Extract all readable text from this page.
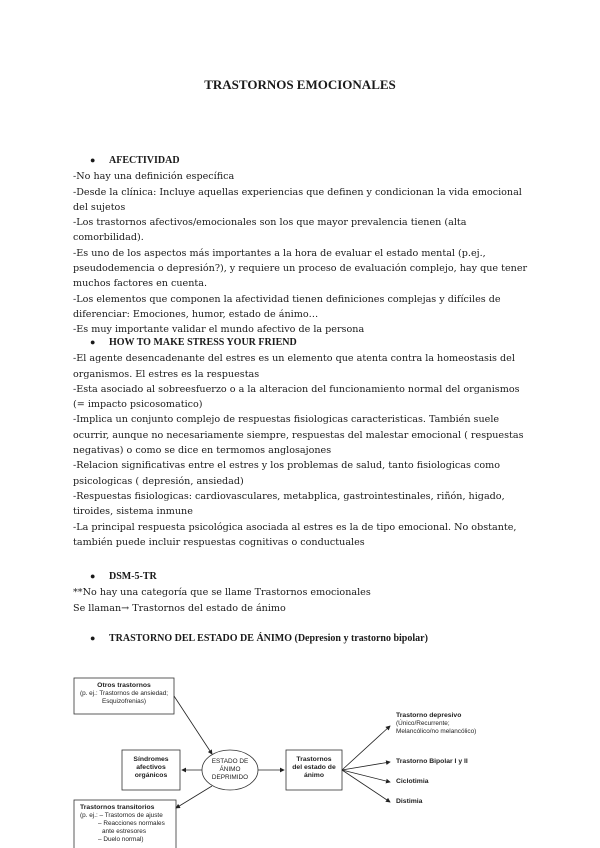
TRASTORNOS EMOCIONALES
● AFECTIVIDAD

-No hay una definición específica

-Desde la clínica: Incluye aquellas experiencias que definen y condicionan la vida emocional del sujetos

-Los trastornos afectivos/emocionales son los que mayor prevalencia tienen (alta comorbilidad).

-Es uno de los aspectos más importantes a la hora de evaluar el estado mental (p.ej., pseudodemencia o depresión?), y requiere un proceso de evaluación complejo, hay que tener muchos factores en cuenta.

-Los elementos que componen la afectividad tienen definiciones complejas y difíciles de diferenciar: Emociones, humor, estado de ánimo…

-Es muy importante validar el mundo afectivo de la persona

● HOW TO MAKE STRESS YOUR FRIEND

-El agente desencadenante del estres es un elemento que atenta contra la homeostasis del organismos. El estres es la respuestas

-Esta asociado al sobreesfuerzo o a la alteracion del funcionamiento normal del organismos (= impacto psicosomatico)

-Implica un conjunto complejo de respuestas fisiologicas caracteristicas. También suele ocurrir, aunque no necesariamente siempre, respuestas del malestar emocional ( respuestas negativas) o como se dice en termomos anglosajones

-Relacion significativas entre el estres y los problemas de salud, tanto fisiologicas como psicologicas ( depresión, ansiedad)

-Respuestas fisiologicas: cardiovasculares, metabplica, gastrointestinales, riñón, higado, tiroides, sistema inmune

-La principal respuesta psicológica asociada al estres es la de tipo emocional. No obstante, también puede incluir respuestas cognitivas o conductuales

● DSM-5-TR

**No hay una categoría que se llame Trastornos emocionales

Se llaman→ Trastornos del estado de ánimo

● TRASTORNO DEL ESTADO DE ÁNIMO (Depresion y trastorno bipolar)
Otros trastornos
(p. ej.: Trastornos de ansiedad;
Esquizofrenias)
Síndromes
afectivos
orgánicos
ESTADO DE
ÁNIMO
DEPRIMIDO
Trastornos
del estado de
ánimo
Trastornos transitorios
(p. ej.: – Trastornos de ajuste
– Reacciones normales
ante estresores
– Duelo normal)
Trastorno depresivo
(Único/Recurrente;
Melancólico/no melancólico)
Trastorno Bipolar I y II
Ciclotimia
Distimia
